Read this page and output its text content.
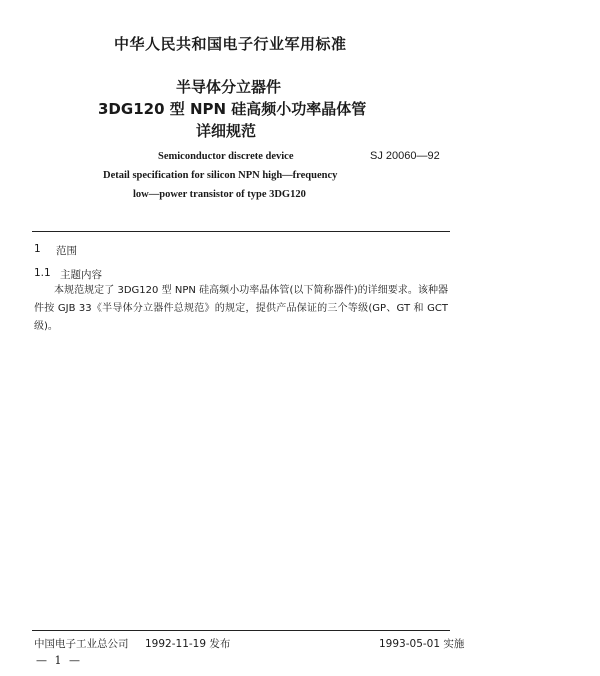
中华人民共和国电子行业军用标准
半导体分立器件
3DG120 型 NPN 硅高频小功率晶体管
详细规范
Semiconductor discrete device	SJ 20060—92
Detail specification for silicon NPN high—frequency
low—power transistor of type 3DG120
1 范围
1.1 主题内容
本规范规定了 3DG120 型 NPN 硅高频小功率晶体管(以下简称器件)的详细要求。该种器件按 GJB 33《半导体分立器件总规范》的规定，提供产品保证的三个等级(GP、GT 和 GCT 级)。
中国电子工业总公司 1992-11-19 发布	1993-05-01 实施
— 1 —
